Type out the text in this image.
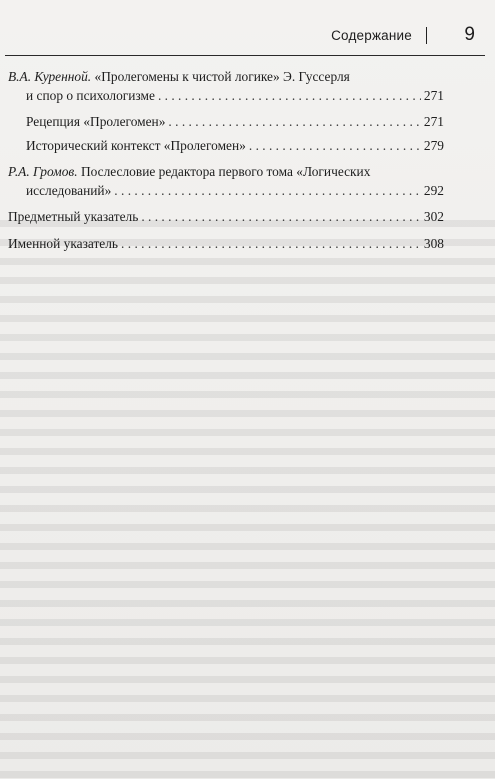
Содержание	9
В.А. Куренной. «Пролегомены к чистой логике» Э. Гуссерля
и спор о психологизме . . .	271
Рецепция «Пролегомен» . . .	271
Исторический контекст «Пролегомен» . . .	279
Р.А. Громов. Послесловие редактора первого тома «Логических
исследований» . . .	292
Предметный указатель . . .	302
Именной указатель . . .	308
